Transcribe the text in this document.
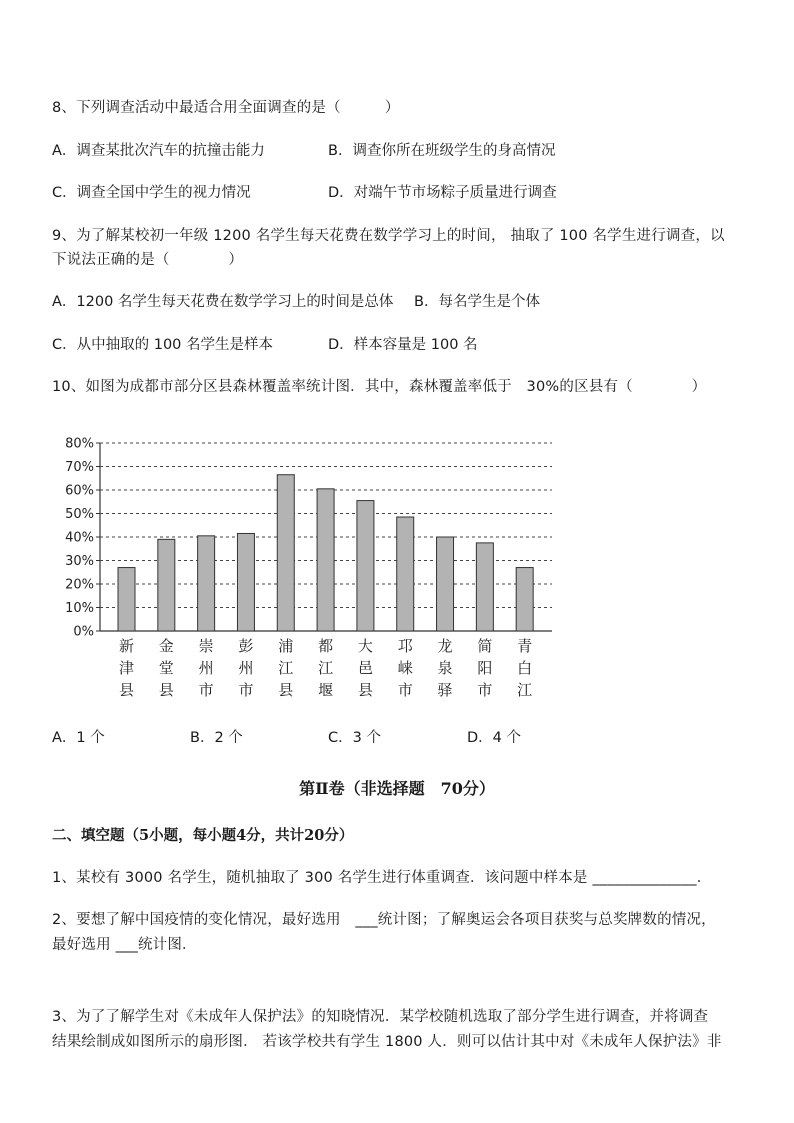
8、下列调查活动中最适合用全面调查的是（　　　）
A．调查某批次汽车的抗撞击能力	B．调查你所在班级学生的身高情况
C．调查全国中学生的视力情况	D．对端午节市场粽子质量进行调查
9、为了解某校初一年级 1200 名学生每天花费在数学学习上的时间， 抽取了 100 名学生进行调查，以
下说法正确的是（　　　　）
A．1200 名学生每天花费在数学学习上的时间是总体 B．每名学生是个体
C．从中抽取的 100 名学生是样本	D．样本容量是 100 名
10、如图为成都市部分区县森林覆盖率统计图．其中，森林覆盖率低于　30%的区县有（　　　　）
0%
10%
20%
30%
40%
50%
60%
70%
80%
新
津
县
金
堂
县
崇
州
市
彭
州
市
浦
江
县
都
江
堰
大
邑
县
邛
崃
市
龙
泉
驿
简
阳
市
青
白
江
A．1 个	B．2 个	C．3 个	D．4 个
第Ⅱ卷（非选择题　70分）
二、填空题（5小题，每小题4分，共计20分）
1、某校有 3000 名学生，随机抽取了 300 名学生进行体重调查．该问题中样本是 ______________．
2、要想了解中国疫情的变化情况，最好选用　___统计图；了解奥运会各项目获奖与总奖牌数的情况，
最好选用 ___统计图．
3、为了了解学生对《未成年人保护法》的知晓情况．某学校随机选取了部分学生进行调查，并将调查
结果绘制成如图所示的扇形图． 若该学校共有学生 1800 人．则可以估计其中对《未成年人保护法》非
